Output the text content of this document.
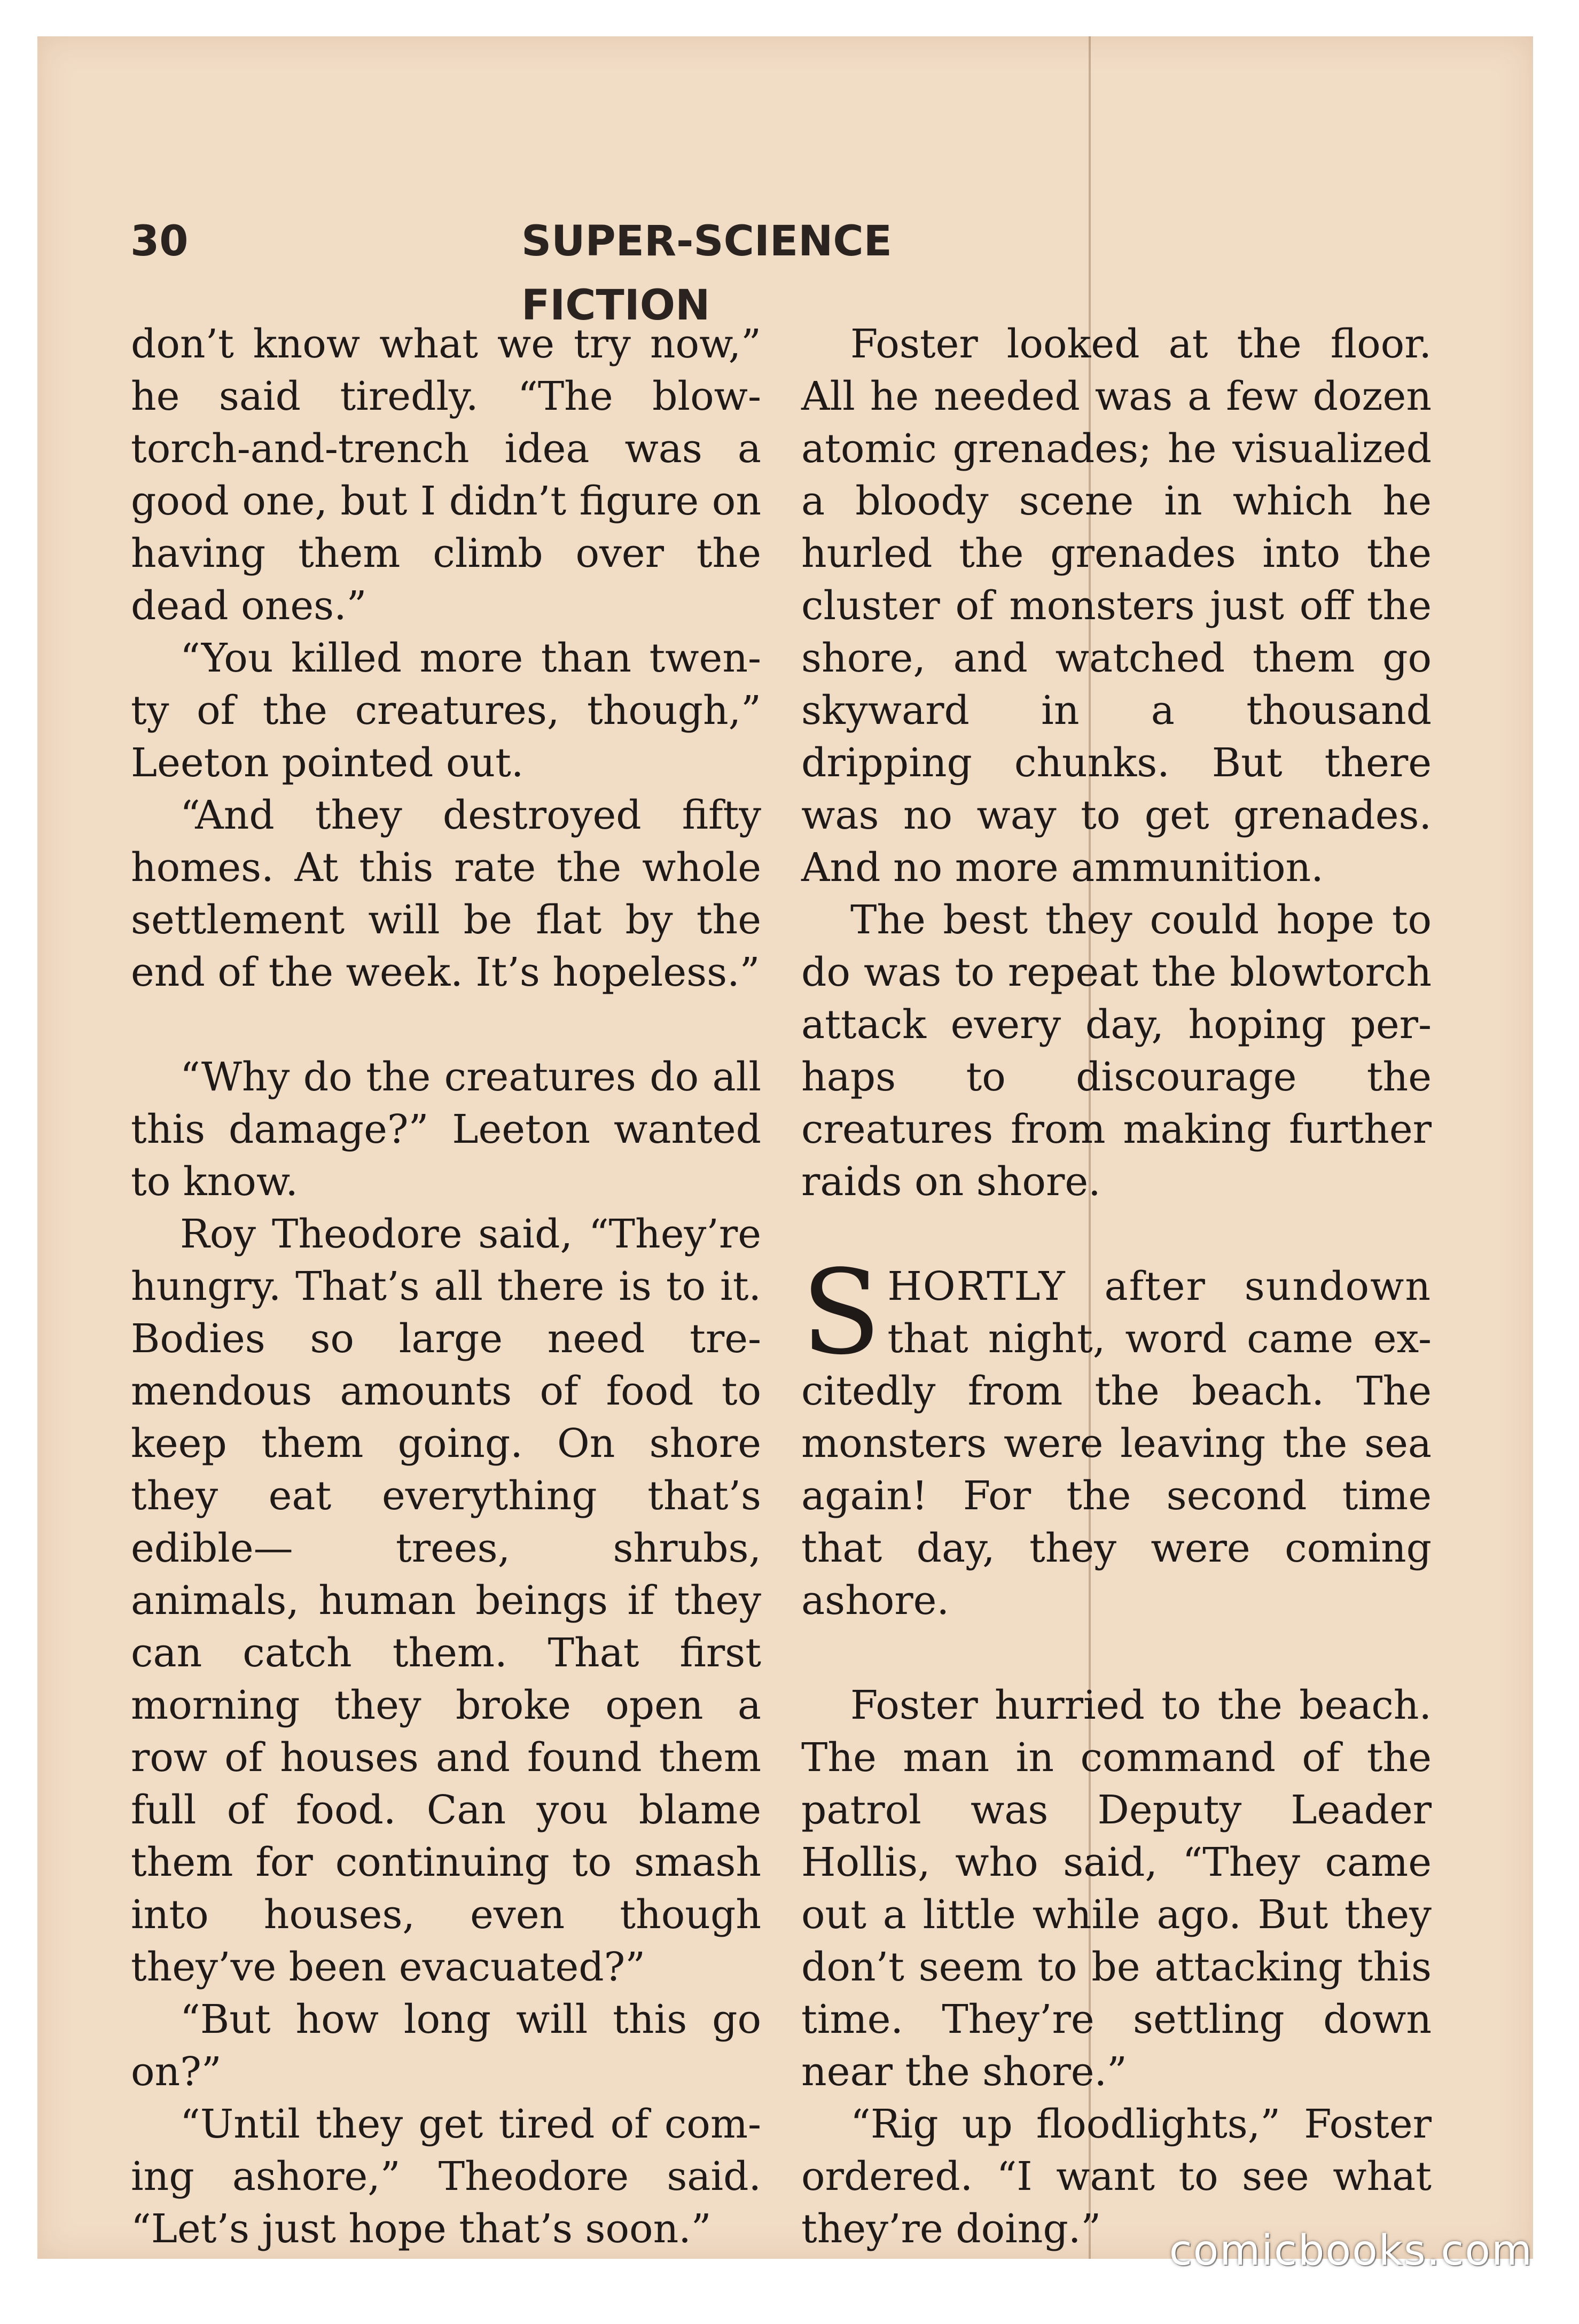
30	SUPER-SCIENCE FICTION

don’t know what we try now,” he said tiredly. “The blow-torch-and-trench idea was a good one, but I didn’t figure on having them climb over the dead ones.”

“You killed more than twen-ty of the creatures, though,” Leeton pointed out.

“And they destroyed fifty homes. At this rate the whole settlement will be flat by the end of the week. It’s hopeless.”

“Why do the creatures do all this damage?” Leeton wanted to know.

Roy Theodore said, “They’re hungry. That’s all there is to it. Bodies so large need tre-mendous amounts of food to keep them going. On shore they eat everything that’s edible— trees, shrubs, animals, human beings if they can catch them. That first morning they broke open a row of houses and found them full of food. Can you blame them for continuing to smash into houses, even though they’ve been evacuated?”

“But how long will this go on?”

“Until they get tired of com-ing ashore,” Theodore said. “Let’s just hope that’s soon.”

Foster looked at the floor. All he needed was a few dozen atomic grenades; he visualized a bloody scene in which he hurled the grenades into the cluster of monsters just off the shore, and watched them go skyward in a thousand dripping chunks. But there was no way to get grenades. And no more ammunition.

The best they could hope to do was to repeat the blowtorch attack every day, hoping per-haps to discourage the creatures from making further raids on shore.

SHORTLY after sundown that night, word came ex-citedly from the beach. The monsters were leaving the sea again! For the second time that day, they were coming ashore.

Foster hurried to the beach. The man in command of the patrol was Deputy Leader Hollis, who said, “They came out a little while ago. But they don’t seem to be attacking this time. They’re settling down near the shore.”

“Rig up floodlights,” Foster ordered. “I want to see what they’re doing.”	comicbooks.com
